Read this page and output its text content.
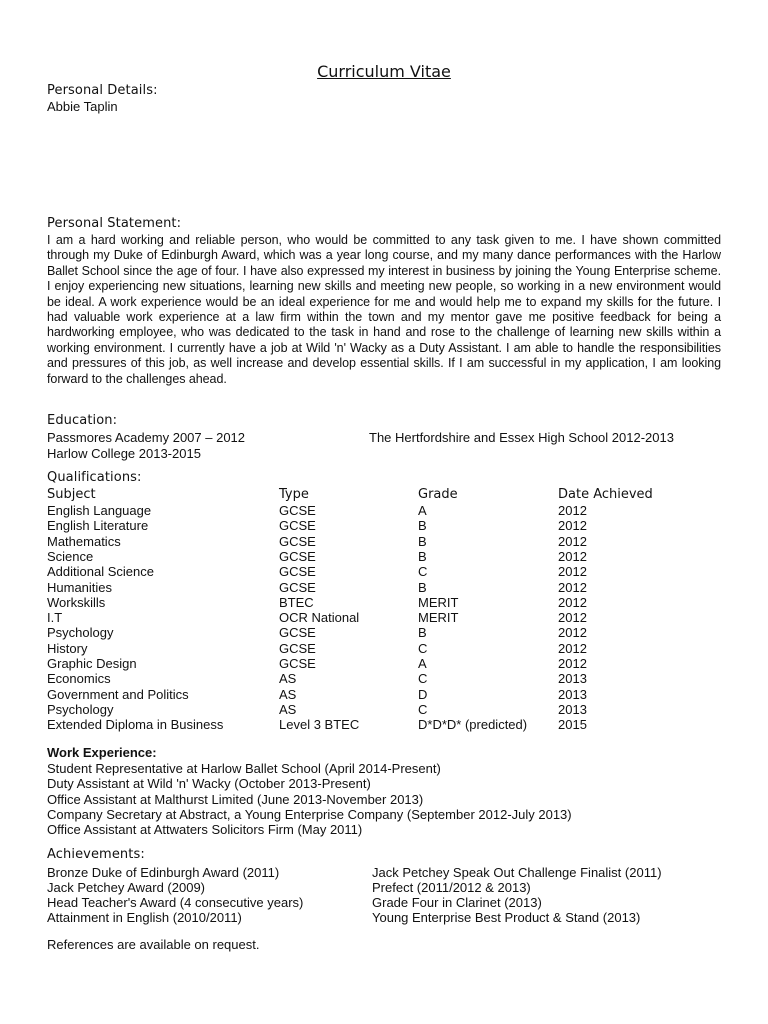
Curriculum Vitae
Personal Details:
Abbie Taplin
Personal Statement:
I am a hard working and reliable person, who would be committed to any task given to me. I have shown committed through my Duke of Edinburgh Award, which was a year long course, and my many dance performances with the Harlow Ballet School since the age of four. I have also expressed my interest in business by joining the Young Enterprise scheme. I enjoy experiencing new situations, learning new skills and meeting new people, so working in a new environment would be ideal. A work experience would be an ideal experience for me and would help me to expand my skills for the future. I had valuable work experience at a law firm within the town and my mentor gave me positive feedback for being a hardworking employee, who was dedicated to the task in hand and rose to the challenge of learning new skills within a working environment. I currently have a job at Wild 'n' Wacky as a Duty Assistant. I am able to handle the responsibilities and pressures of this job, as well increase and develop essential skills. If I am successful in my application, I am looking forward to the challenges ahead.
Education:
Passmores Academy 2007 – 2012	The Hertfordshire and Essex High School 2012-2013
Harlow College 2013-2015
Qualifications:
Subject	Type	Grade	Date Achieved
English Language	GCSE	A	2012
English Literature	GCSE	B	2012
Mathematics	GCSE	B	2012
Science	GCSE	B	2012
Additional Science	GCSE	C	2012
Humanities	GCSE	B	2012
Workskills	BTEC	MERIT	2012
I.T	OCR National	MERIT	2012
Psychology	GCSE	B	2012
History	GCSE	C	2012
Graphic Design	GCSE	A	2012
Economics	AS	C	2013
Government and Politics	AS	D	2013
Psychology	AS	C	2013
Extended Diploma in Business	Level 3 BTEC	D*D*D* (predicted) 2015
Work Experience:
Student Representative at Harlow Ballet School (April 2014-Present)
Duty Assistant at Wild 'n' Wacky (October 2013-Present)
Office Assistant at Malthurst Limited (June 2013-November 2013)
Company Secretary at Abstract, a Young Enterprise Company (September 2012-July 2013)
Office Assistant at Attwaters Solicitors Firm (May 2011)
Achievements:
Bronze Duke of Edinburgh Award (2011)	Jack Petchey Speak Out Challenge Finalist (2011)
Jack Petchey Award (2009)	Prefect (2011/2012 & 2013)
Head Teacher's Award (4 consecutive years)	Grade Four in Clarinet (2013)
Attainment in English (2010/2011)	Young Enterprise Best Product & Stand (2013)
References are available on request.
